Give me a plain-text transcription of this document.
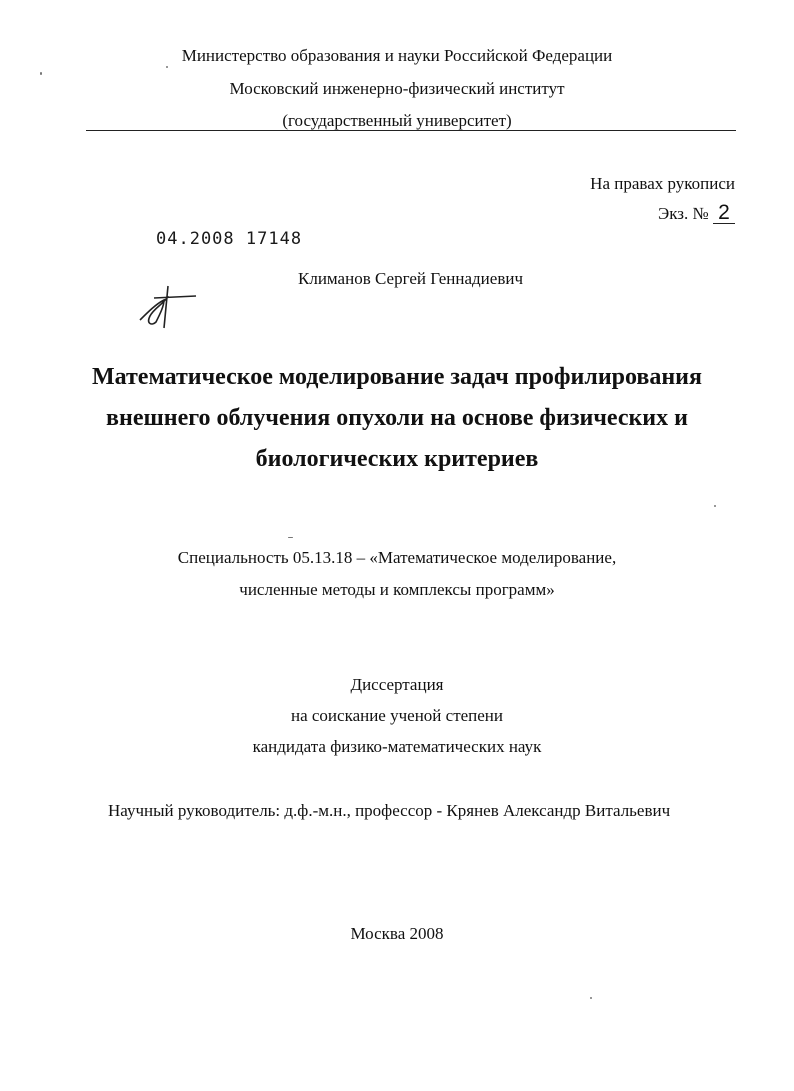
Министерство образования и науки Российской Федерации
Московский инженерно-физический институт
(государственный университет)
На правах рукописи
Экз. № 2
04.2008 17148
Климанов Сергей Геннадиевич
Математическое моделирование задач профилирования
внешнего облучения опухоли на основе физических и
биологических критериев
Специальность 05.13.18 – «Математическое моделирование,
численные методы и комплексы программ»
Диссертация
на соискание ученой степени
кандидата физико-математических наук
Научный руководитель: д.ф.-м.н., профессор - Крянев Александр Витальевич
Москва 2008
